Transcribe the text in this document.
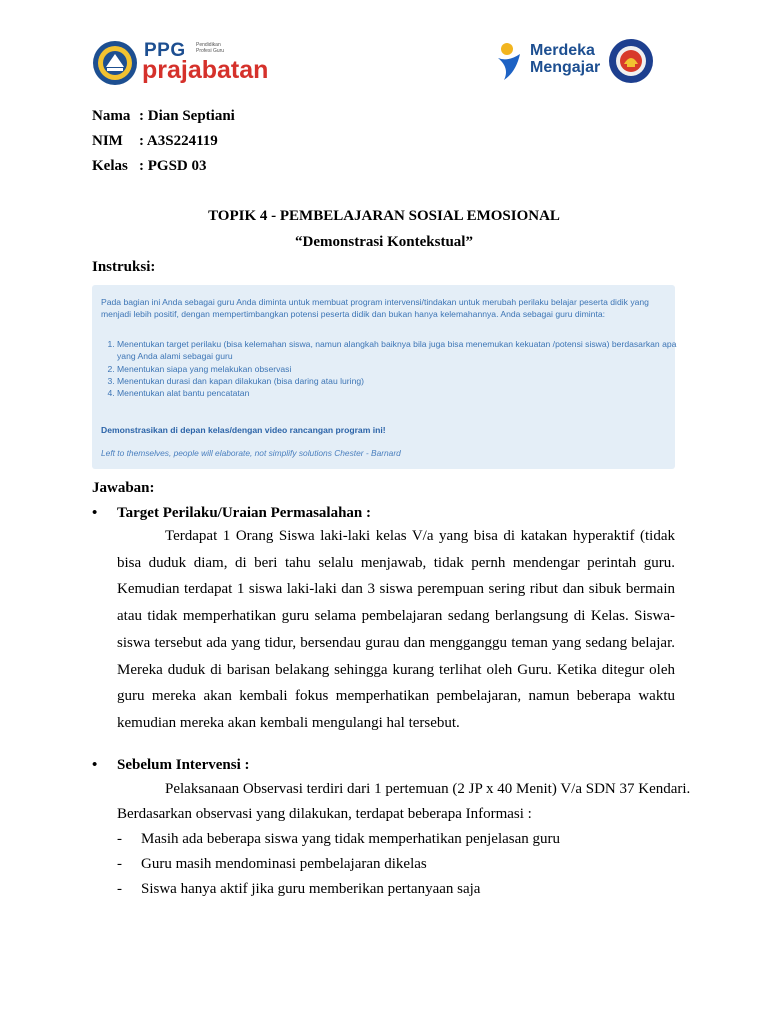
PPG Pendidikan Profesi Guru
prajabatan
Merdeka
Mengajar
Nama : Dian Septiani
NIM : A3S224119
Kelas : PGSD 03
TOPIK 4 - PEMBELAJARAN SOSIAL EMOSIONAL
“Demonstrasi Kontekstual”
Instruksi:
Pada bagian ini Anda sebagai guru Anda diminta untuk membuat program intervensi/tindakan untuk merubah perilaku belajar peserta didik yang menjadi lebih positif, dengan mempertimbangkan potensi peserta didik dan bukan hanya kelemahannya. Anda sebagai guru diminta:
1. Menentukan target perilaku (bisa kelemahan siswa, namun alangkah baiknya bila juga bisa menemukan kekuatan /potensi siswa) berdasarkan apa yang Anda alami sebagai guru
2. Menentukan siapa yang melakukan observasi
3. Menentukan durasi dan kapan dilakukan (bisa daring atau luring)
4. Menentukan alat bantu pencatatan
Demonstrasikan di depan kelas/dengan video rancangan program ini!
Left to themselves, people will elaborate, not simplify solutions Chester - Barnard
Jawaban:
• Target Perilaku/Uraian Permasalahan :

Terdapat 1 Orang Siswa laki-laki kelas V/a yang bisa di katakan hyperaktif (tidak bisa duduk diam, di beri tahu selalu menjawab, tidak pernh mendengar perintah guru. Kemudian terdapat 1 siswa laki-laki dan 3 siswa perempuan sering ribut dan sibuk bermain atau tidak memperhatikan guru selama pembelajaran sedang berlangsung di Kelas. Siswa-siswa tersebut ada yang tidur, bersendau gurau dan mengganggu teman yang sedang belajar. Mereka duduk di barisan belakang sehingga kurang terlihat oleh Guru. Ketika ditegur oleh guru mereka akan kembali fokus memperhatikan pembelajaran, namun beberapa waktu kemudian mereka akan kembali mengulangi hal tersebut.

• Sebelum Intervensi :
Pelaksanaan Observasi terdiri dari 1 pertemuan (2 JP x 40 Menit) V/a SDN 37 Kendari.
Berdasarkan observasi yang dilakukan, terdapat beberapa Informasi :
- Masih ada beberapa siswa yang tidak memperhatikan penjelasan guru
- Guru masih mendominasi pembelajaran dikelas
- Siswa hanya aktif jika guru memberikan pertanyaan saja
